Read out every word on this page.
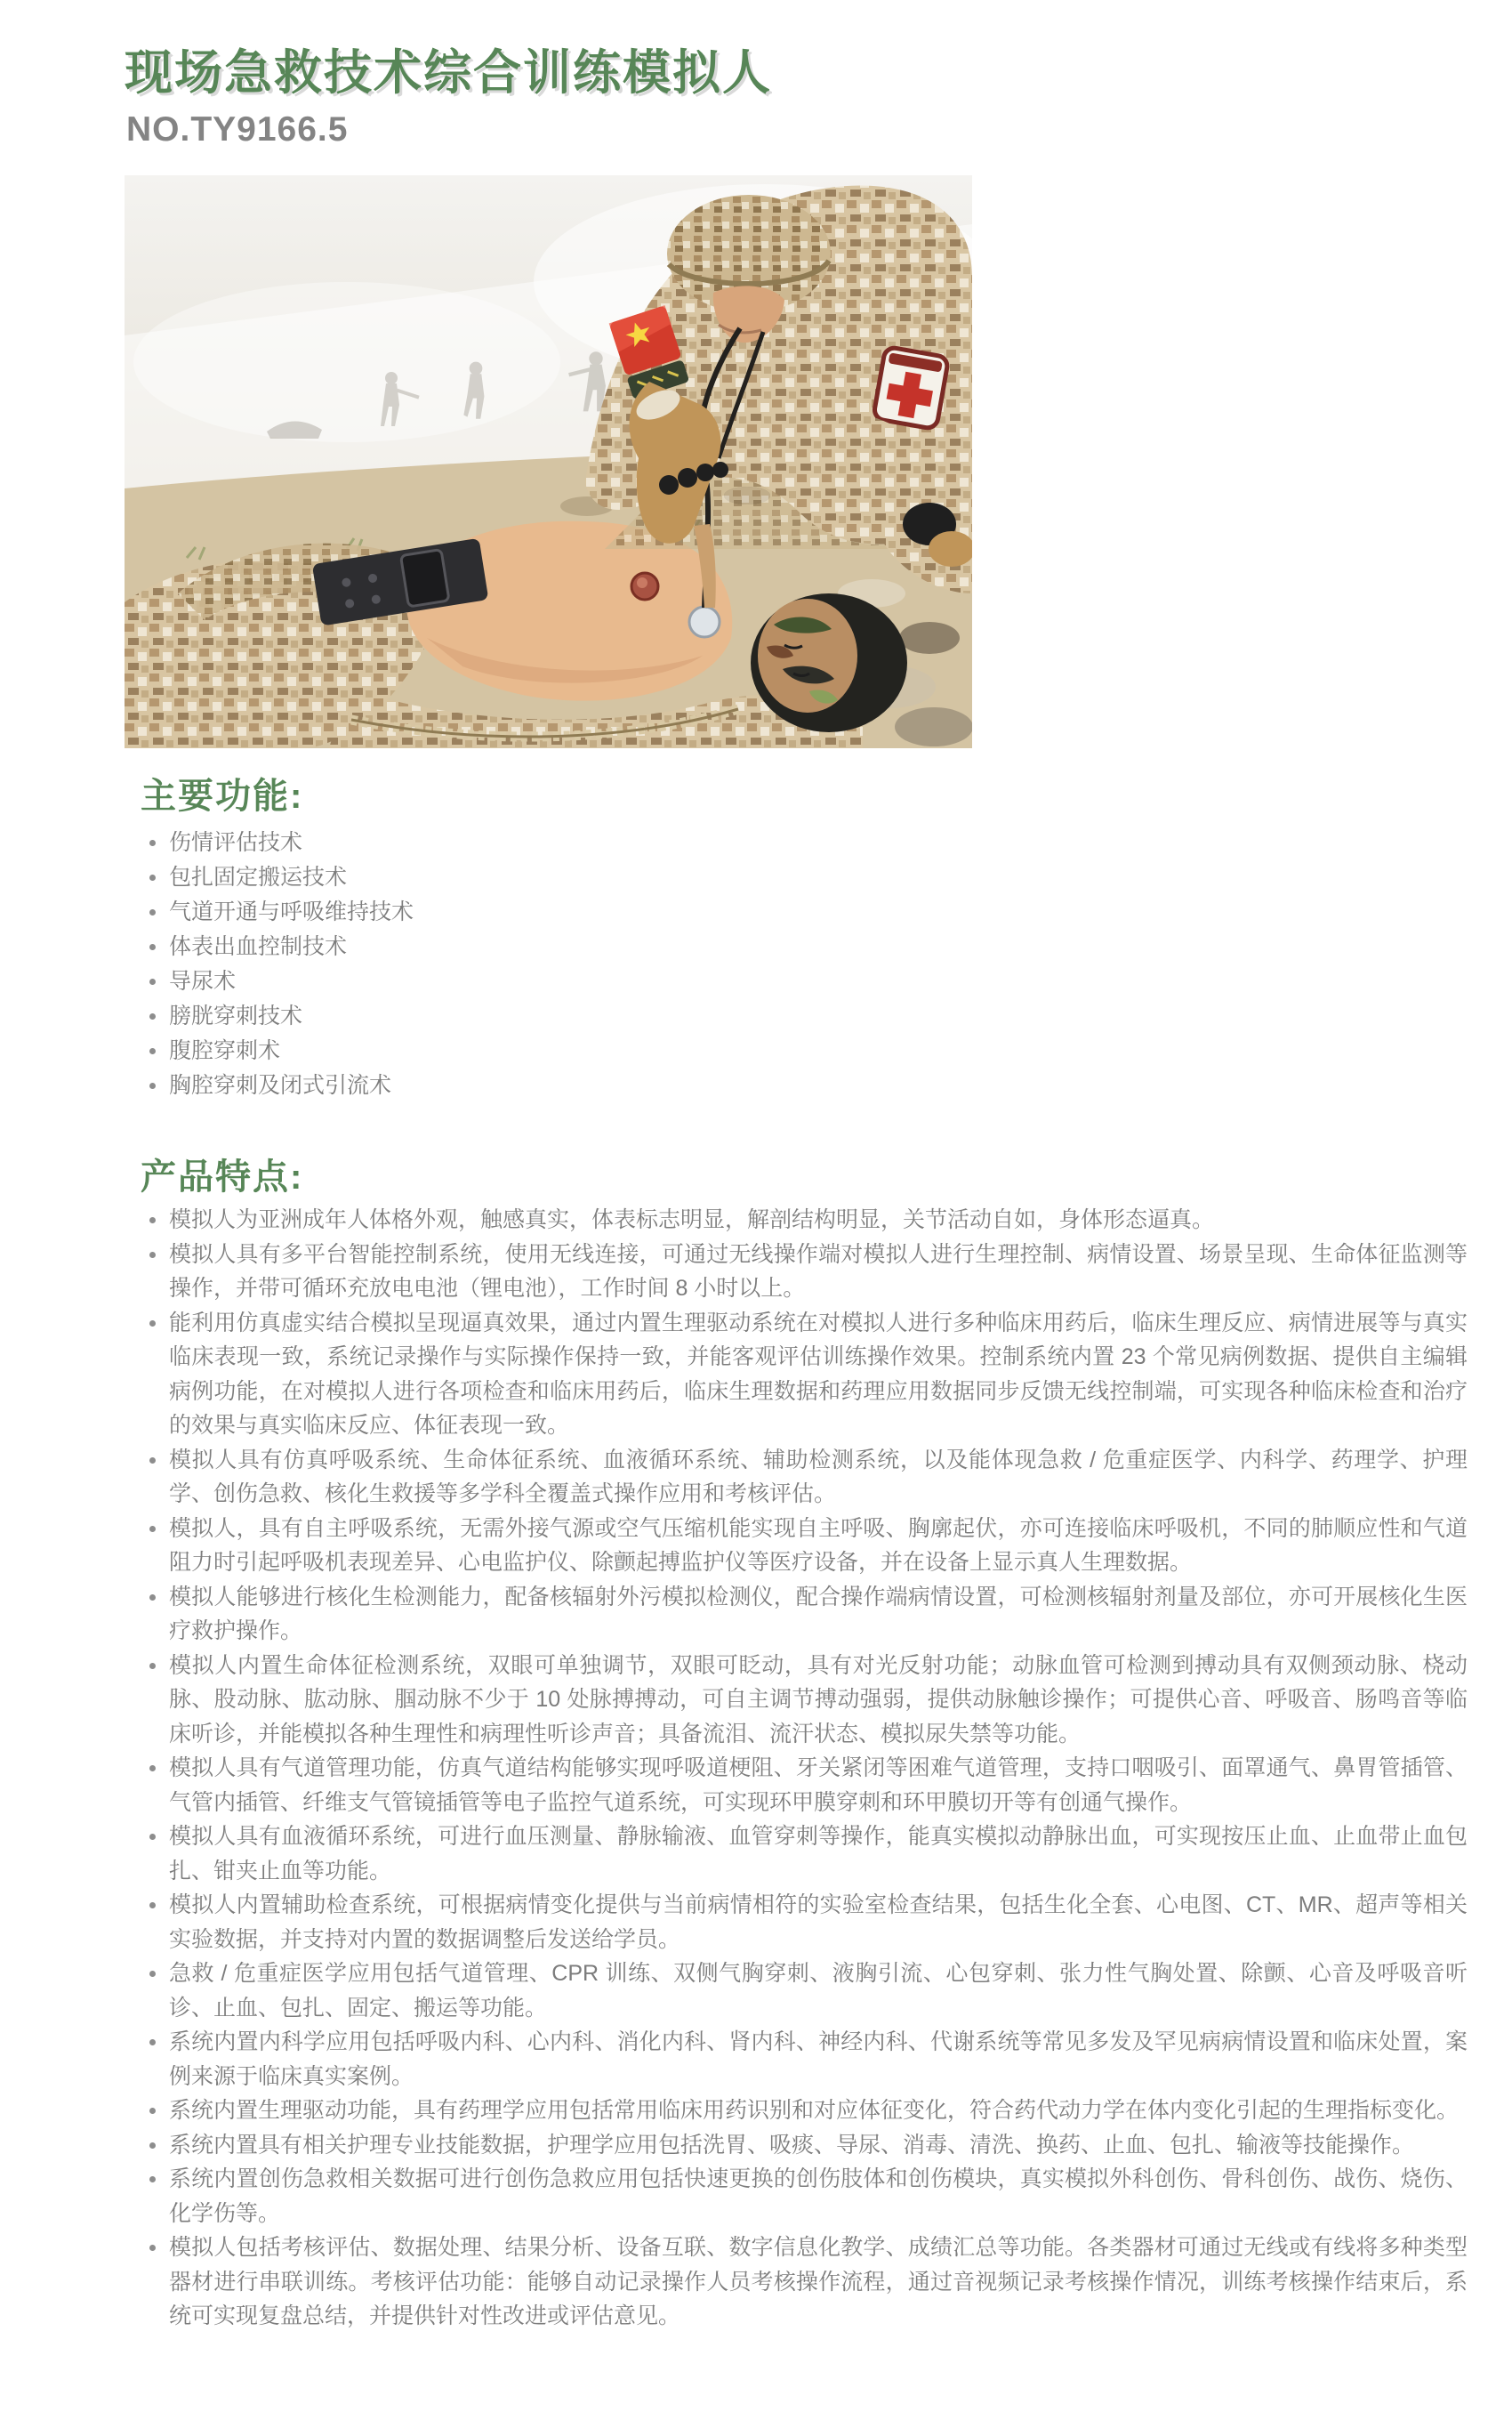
现场急救技术综合训练模拟人
NO.TY9166.5
主要功能:
伤情评估技术
包扎固定搬运技术
气道开通与呼吸维持技术
体表出血控制技术
导尿术
膀胱穿刺技术
腹腔穿刺术
胸腔穿刺及闭式引流术
产品特点:
模拟人为亚洲成年人体格外观，触感真实，体表标志明显，解剖结构明显，关节活动自如，身体形态逼真。
模拟人具有多平台智能控制系统，使用无线连接，可通过无线操作端对模拟人进行生理控制、病情设置、场景呈现、生命体征监测等操作，并带可循环充放电电池（锂电池），工作时间 8 小时以上。
能利用仿真虚实结合模拟呈现逼真效果，通过内置生理驱动系统在对模拟人进行多种临床用药后，临床生理反应、病情进展等与真实临床表现一致，系统记录操作与实际操作保持一致，并能客观评估训练操作效果。控制系统内置 23 个常见病例数据、提供自主编辑病例功能，在对模拟人进行各项检查和临床用药后，临床生理数据和药理应用数据同步反馈无线控制端，可实现各种临床检查和治疗的效果与真实临床反应、体征表现一致。
模拟人具有仿真呼吸系统、生命体征系统、血液循环系统、辅助检测系统，以及能体现急救 / 危重症医学、内科学、药理学、护理学、创伤急救、核化生救援等多学科全覆盖式操作应用和考核评估。
模拟人，具有自主呼吸系统，无需外接气源或空气压缩机能实现自主呼吸、胸廓起伏，亦可连接临床呼吸机，不同的肺顺应性和气道阻力时引起呼吸机表现差异、心电监护仪、除颤起搏监护仪等医疗设备，并在设备上显示真人生理数据。
模拟人能够进行核化生检测能力，配备核辐射外污模拟检测仪，配合操作端病情设置，可检测核辐射剂量及部位，亦可开展核化生医疗救护操作。
模拟人内置生命体征检测系统，双眼可单独调节，双眼可眨动，具有对光反射功能；动脉血管可检测到搏动具有双侧颈动脉、桡动脉、股动脉、肱动脉、腘动脉不少于 10 处脉搏搏动，可自主调节搏动强弱，提供动脉触诊操作；可提供心音、呼吸音、肠鸣音等临床听诊，并能模拟各种生理性和病理性听诊声音；具备流泪、流汗状态、模拟尿失禁等功能。
模拟人具有气道管理功能，仿真气道结构能够实现呼吸道梗阻、牙关紧闭等困难气道管理，支持口咽吸引、面罩通气、鼻胃管插管、气管内插管、纤维支气管镜插管等电子监控气道系统，可实现环甲膜穿刺和环甲膜切开等有创通气操作。
模拟人具有血液循环系统，可进行血压测量、静脉输液、血管穿刺等操作，能真实模拟动静脉出血，可实现按压止血、止血带止血包扎、钳夹止血等功能。
模拟人内置辅助检查系统，可根据病情变化提供与当前病情相符的实验室检查结果，包括生化全套、心电图、CT、MR、超声等相关实验数据，并支持对内置的数据调整后发送给学员。
急救 / 危重症医学应用包括气道管理、CPR 训练、双侧气胸穿刺、液胸引流、心包穿刺、张力性气胸处置、除颤、心音及呼吸音听诊、止血、包扎、固定、搬运等功能。
系统内置内科学应用包括呼吸内科、心内科、消化内科、肾内科、神经内科、代谢系统等常见多发及罕见病病情设置和临床处置，案例来源于临床真实案例。
系统内置生理驱动功能，具有药理学应用包括常用临床用药识别和对应体征变化，符合药代动力学在体内变化引起的生理指标变化。
系统内置具有相关护理专业技能数据，护理学应用包括洗胃、吸痰、导尿、消毒、清洗、换药、止血、包扎、输液等技能操作。
系统内置创伤急救相关数据可进行创伤急救应用包括快速更换的创伤肢体和创伤模块，真实模拟外科创伤、骨科创伤、战伤、烧伤、化学伤等。
模拟人包括考核评估、数据处理、结果分析、设备互联、数字信息化教学、成绩汇总等功能。各类器材可通过无线或有线将多种类型器材进行串联训练。考核评估功能：能够自动记录操作人员考核操作流程，通过音视频记录考核操作情况，训练考核操作结束后，系统可实现复盘总结，并提供针对性改进或评估意见。
